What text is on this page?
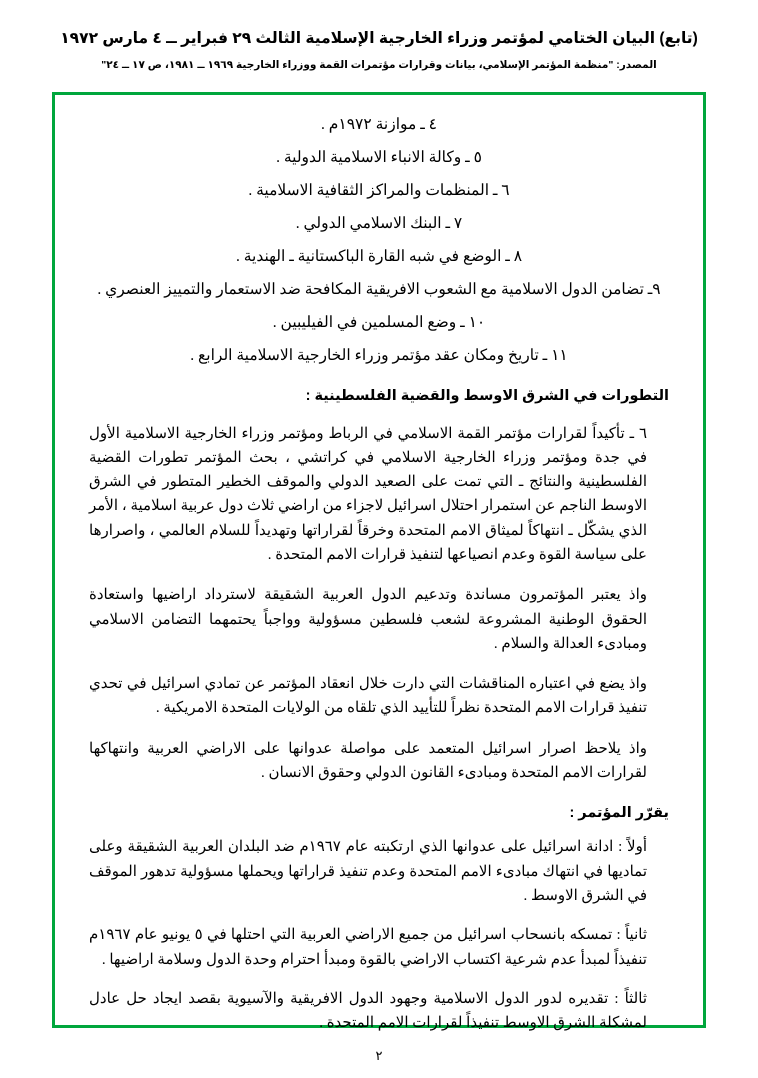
(تابع) البيان الختامي لمؤتمر وزراء الخارجية الإسلامية الثالث ٢٩ فبراير ــ ٤ مارس ١٩٧٢
المصدر: "منظمة المؤتمر الإسلامي، بيانات وقرارات مؤتمرات القمة ووزراء الخارجية ١٩٦٩ ــ ١٩٨١، ص ١٧ ــ ٢٤"
٤ ـ موازنة ١٩٧٢م .
٥ ـ وكالة الانباء الاسلامية الدولية .
٦ ـ المنظمات والمراكز الثقافية الاسلامية .
٧ ـ البنك الاسلامي الدولي .
٨ ـ الوضع في شبه القارة الباكستانية ـ الهندية .
٩ـ تضامن الدول الاسلامية مع الشعوب الافريقية المكافحة ضد الاستعمار والتمييز العنصري .
١٠ ـ وضع المسلمين في الفيليبين .
١١ ـ تاريخ ومكان عقد مؤتمر وزراء الخارجية الاسلامية الرابع .
التطورات في الشرق الاوسط والقضية الفلسطينية :

٦ ـ تأكيداً لقرارات مؤتمر القمة الاسلامي في الرباط ومؤتمر وزراء الخارجية الاسلامية الأول في جدة ومؤتمر وزراء الخارجية الاسلامي في كراتشي ، بحث المؤتمر تطورات القضية الفلسطينية والنتائج ـ التي تمت على الصعيد الدولي والموقف الخطير المتطور في الشرق الاوسط الناجم عن استمرار احتلال اسرائيل لاجزاء من اراضي ثلاث دول عربية اسلامية ، الأمر الذي يشكّل ـ انتهاكاً لميثاق الامم المتحدة وخرقاً لقراراتها وتهديداً للسلام العالمي ، واصرارها على سياسة القوة وعدم انصياعها لتنفيذ قرارات الامم المتحدة .

واذ يعتبر المؤتمرون مساندة وتدعيم الدول العربية الشقيقة لاسترداد اراضيها واستعادة الحقوق الوطنية المشروعة لشعب فلسطين مسؤولية وواجباً يحتمهما التضامن الاسلامي ومبادىء العدالة والسلام .

واذ يضع في اعتباره المناقشات التي دارت خلال انعقاد المؤتمر عن تمادي اسرائيل في تحدي تنفيذ قرارات الامم المتحدة نظراً للتأييد الذي تلقاه من الولايات المتحدة الامريكية .

واذ يلاحظ اصرار اسرائيل المتعمد على مواصلة عدوانها على الاراضي العربية وانتهاكها لقرارات الامم المتحدة ومبادىء القانون الدولي وحقوق الانسان .

يقرّر المؤتمر :

أولاً : ادانة اسرائيل على عدوانها الذي ارتكبته عام ١٩٦٧م ضد البلدان العربية الشقيقة وعلى تماديها في انتهاك مبادىء الامم المتحدة وعدم تنفيذ قراراتها ويحملها مسؤولية تدهور الموقف في الشرق الاوسط .

ثانياً : تمسكه بانسحاب اسرائيل من جميع الاراضي العربية التي احتلها في ٥ يونيو عام ١٩٦٧م تنفيذاً لمبدأ عدم شرعية اكتساب الاراضي بالقوة ومبدأ احترام وحدة الدول وسلامة اراضيها .

ثالثاً : تقديره لدور الدول الاسلامية وجهود الدول الافريقية والآسيوية بقصد ايجاد حل عادل لمشكلة الشرق الاوسط تنفيذاً لقرارات الامم المتحدة .

٢
